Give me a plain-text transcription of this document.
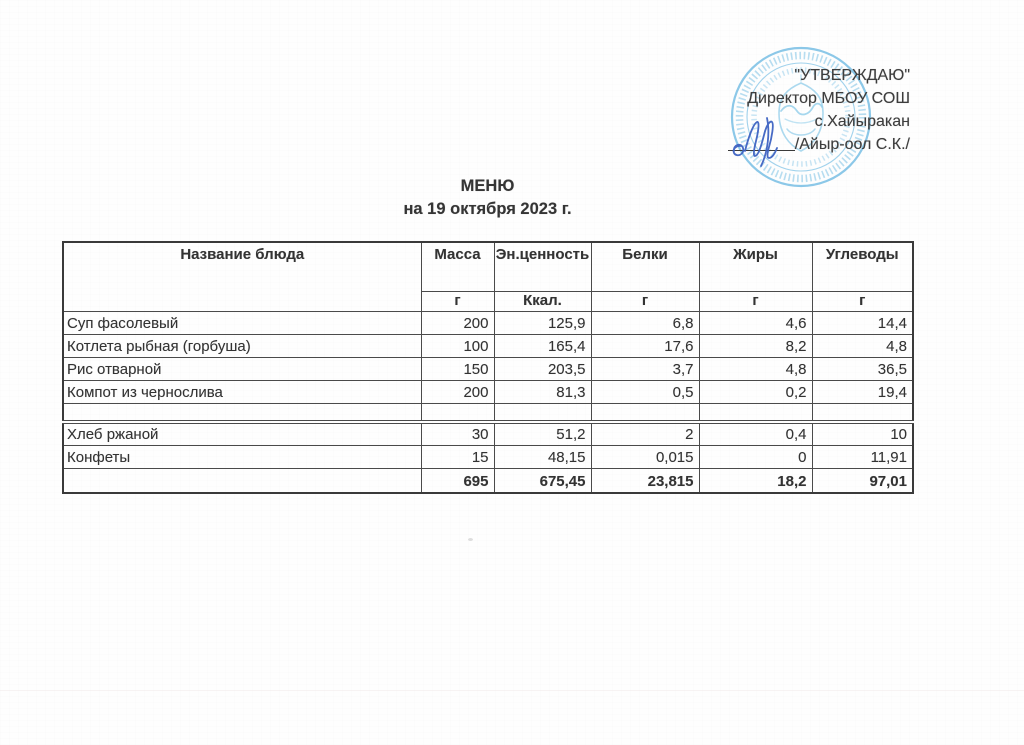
"УТВЕРЖДАЮ"
Директор МБОУ СОШ
с.Хайыракан
/Айыр-оол С.К./
МЕНЮ
на 19 октября 2023 г.
Название блюда	Масса	Эн.ценность	Белки	Жиры	Углеводы
	г	Ккал.	г	г	г
Суп фасолевый	200	125,9	6,8	4,6	14,4
Котлета рыбная (горбуша)	100	165,4	17,6	8,2	4,8
Рис отварной	150	203,5	3,7	4,8	36,5
Компот из чернослива	200	81,3	0,5	0,2	19,4

Хлеб ржаной	30	51,2	2	0,4	10
Конфеты	15	48,15	0,015	0	11,91
	695	675,45	23,815	18,2	97,01
